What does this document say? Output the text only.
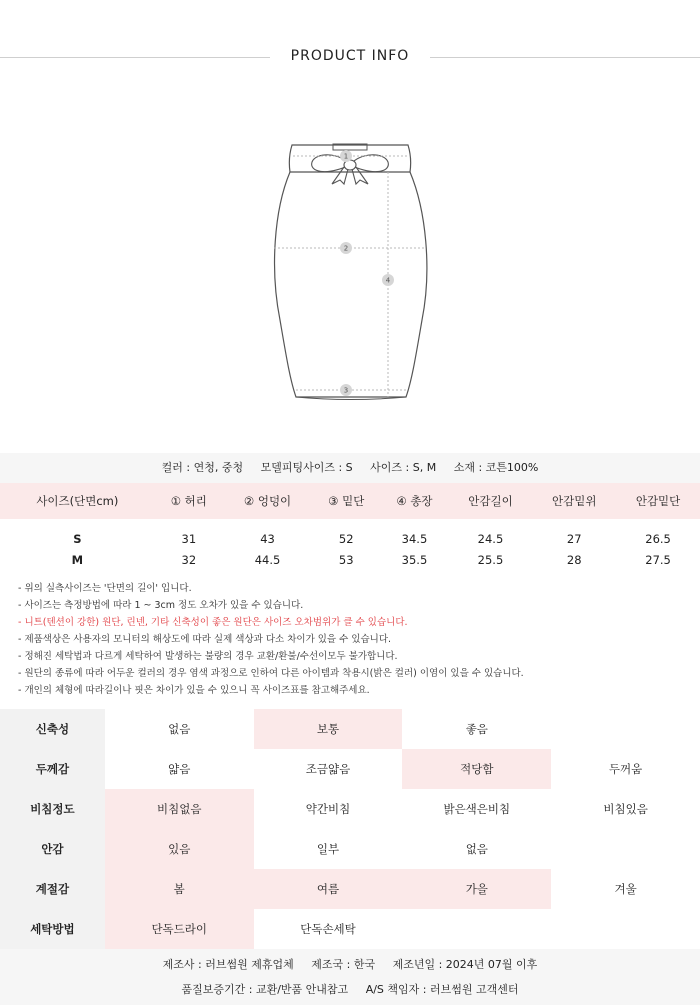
PRODUCT INFO
1
2
3
4
컬러 : 연청, 중청 모델피팅사이즈 : S 사이즈 : S, M 소재 : 코튼100%
사이즈(단면cm)	① 허리	② 엉덩이	③ 밑단	④ 총장	안감길이	안감밑위	안감밑단
S	31	43	52	34.5	24.5	27	26.5
M	32	44.5	53	35.5	25.5	28	27.5
- 위의 실측사이즈는 '단면의 길이' 입니다.
- 사이즈는 측정방법에 따라 1 ~ 3cm 정도 오차가 있을 수 있습니다.
- 니트(텐션이 강한) 원단, 린넨, 기타 신축성이 좋은 원단은 사이즈 오차범위가 클 수 있습니다.
- 제품색상은 사용자의 모니터의 해상도에 따라 실제 색상과 다소 차이가 있을 수 있습니다.
- 정해진 세탁법과 다르게 세탁하여 발생하는 불량의 경우 교환/환불/수선이모두 불가합니다.
- 원단의 종류에 따라 어두운 컬러의 경우 염색 과정으로 인하여 다른 아이템과 착용시(밝은 컬러) 이염이 있을 수 있습니다.
- 개인의 체형에 따라길이나 핏은 차이가 있을 수 있으니 꼭 사이즈표를 참고해주세요.
신축성	없음	보통	좋음	
두께감	얇음	조금얇음	적당함	두꺼움
비침정도	비침없음	약간비침	밝은색은비침	비침있음
안감	있음	일부	없음	
계절감	봄	여름	가을	겨울
세탁방법	단독드라이	단독손세탁		
제조사 : 러브썸원 제휴업체 제조국 : 한국 제조년일 : 2024년 07월 이후
품질보증기간 : 교환/반품 안내참고 A/S 책임자 : 러브썸원 고객센터
